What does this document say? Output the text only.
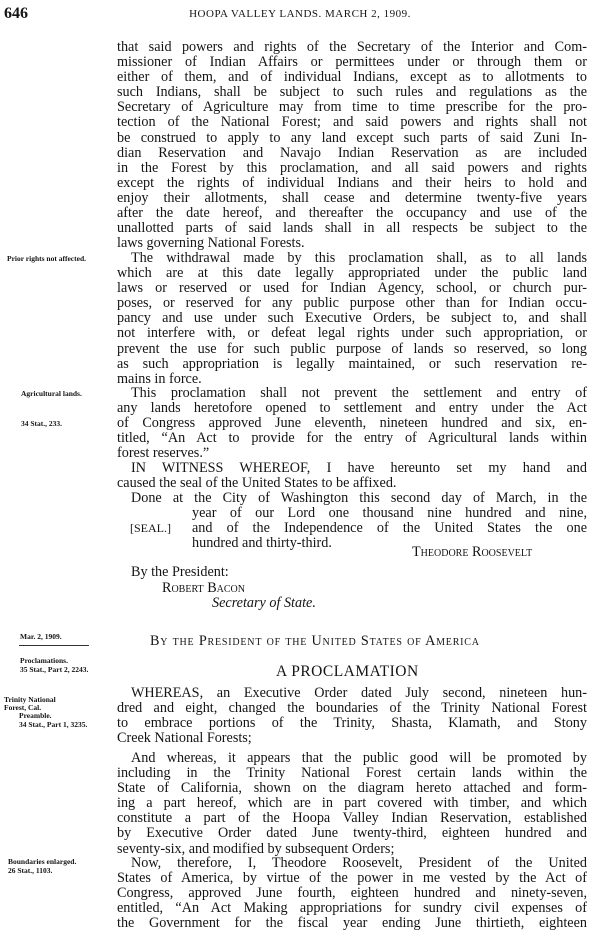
646	HOOPA VALLEY LANDS. MARCH 2, 1909.
that said powers and rights of the Secretary of the Interior and Com-
missioner of Indian Affairs or permittees under or through them or
either of them, and of individual Indians, except as to allotments to
such Indians, shall be subject to such rules and regulations as the
Secretary of Agriculture may from time to time prescribe for the pro-
tection of the National Forest; and said powers and rights shall not
be construed to apply to any land except such parts of said Zuni In-
dian Reservation and Navajo Indian Reservation as are included
in the Forest by this proclamation, and all said powers and rights
except the rights of individual Indians and their heirs to hold and
enjoy their allotments, shall cease and determine twenty-five years
after the date hereof, and thereafter the occupancy and use of the
unallotted parts of said lands shall in all respects be subject to the
laws governing National Forests.
Prior rights not affected.	The withdrawal made by this proclamation shall, as to all lands
which are at this date legally appropriated under the public land
laws or reserved or used for Indian Agency, school, or church pur-
poses, or reserved for any public purpose other than for Indian occu-
pancy and use under such Executive Orders, be subject to, and shall
not interfere with, or defeat legal rights under such appropriation, or
prevent the use for such public purpose of lands so reserved, so long
as such appropriation is legally maintained, or such reservation re-
mains in force.
Agricultural lands.
34 Stat., 233.
This proclamation shall not prevent the settlement and entry of
any lands heretofore opened to settlement and entry under the Act
of Congress approved June eleventh, nineteen hundred and six, en-
titled, “An Act to provide for the entry of Agricultural lands within
forest reserves.”
IN WITNESS WHEREOF, I have hereunto set my hand and
caused the seal of the United States to be affixed.
Done at the City of Washington this second day of March, in the
year of our Lord one thousand nine hundred and nine,
and of the Independence of the United States the one
hundred and thirty-third.
[SEAL.]
Theodore Roosevelt
By the President:
Robert Bacon
Secretary of State.
Mar. 2, 1909.	By the President of the United States of America
Proclamations.
35 Stat., Part 2, 2243.	A PROCLAMATION
Trinity National Forest, Cal.
Preamble.
34 Stat., Part 1, 3235.
WHEREAS, an Executive Order dated July second, nineteen hun-
dred and eight, changed the boundaries of the Trinity National Forest
to embrace portions of the Trinity, Shasta, Klamath, and Stony
Creek National Forests;
And whereas, it appears that the public good will be promoted by
including in the Trinity National Forest certain lands within the
State of California, shown on the diagram hereto attached and form-
ing a part hereof, which are in part covered with timber, and which
constitute a part of the Hoopa Valley Indian Reservation, established
by Executive Order dated June twenty-third, eighteen hundred and
seventy-six, and modified by subsequent Orders;
Boundaries enlarged.
26 Stat., 1103.	Now, therefore, I, Theodore Roosevelt, President of the United
States of America, by virtue of the power in me vested by the Act of
Congress, approved June fourth, eighteen hundred and ninety-seven,
entitled, “An Act Making appropriations for sundry civil expenses of
the Government for the fiscal year ending June thirtieth, eighteen
